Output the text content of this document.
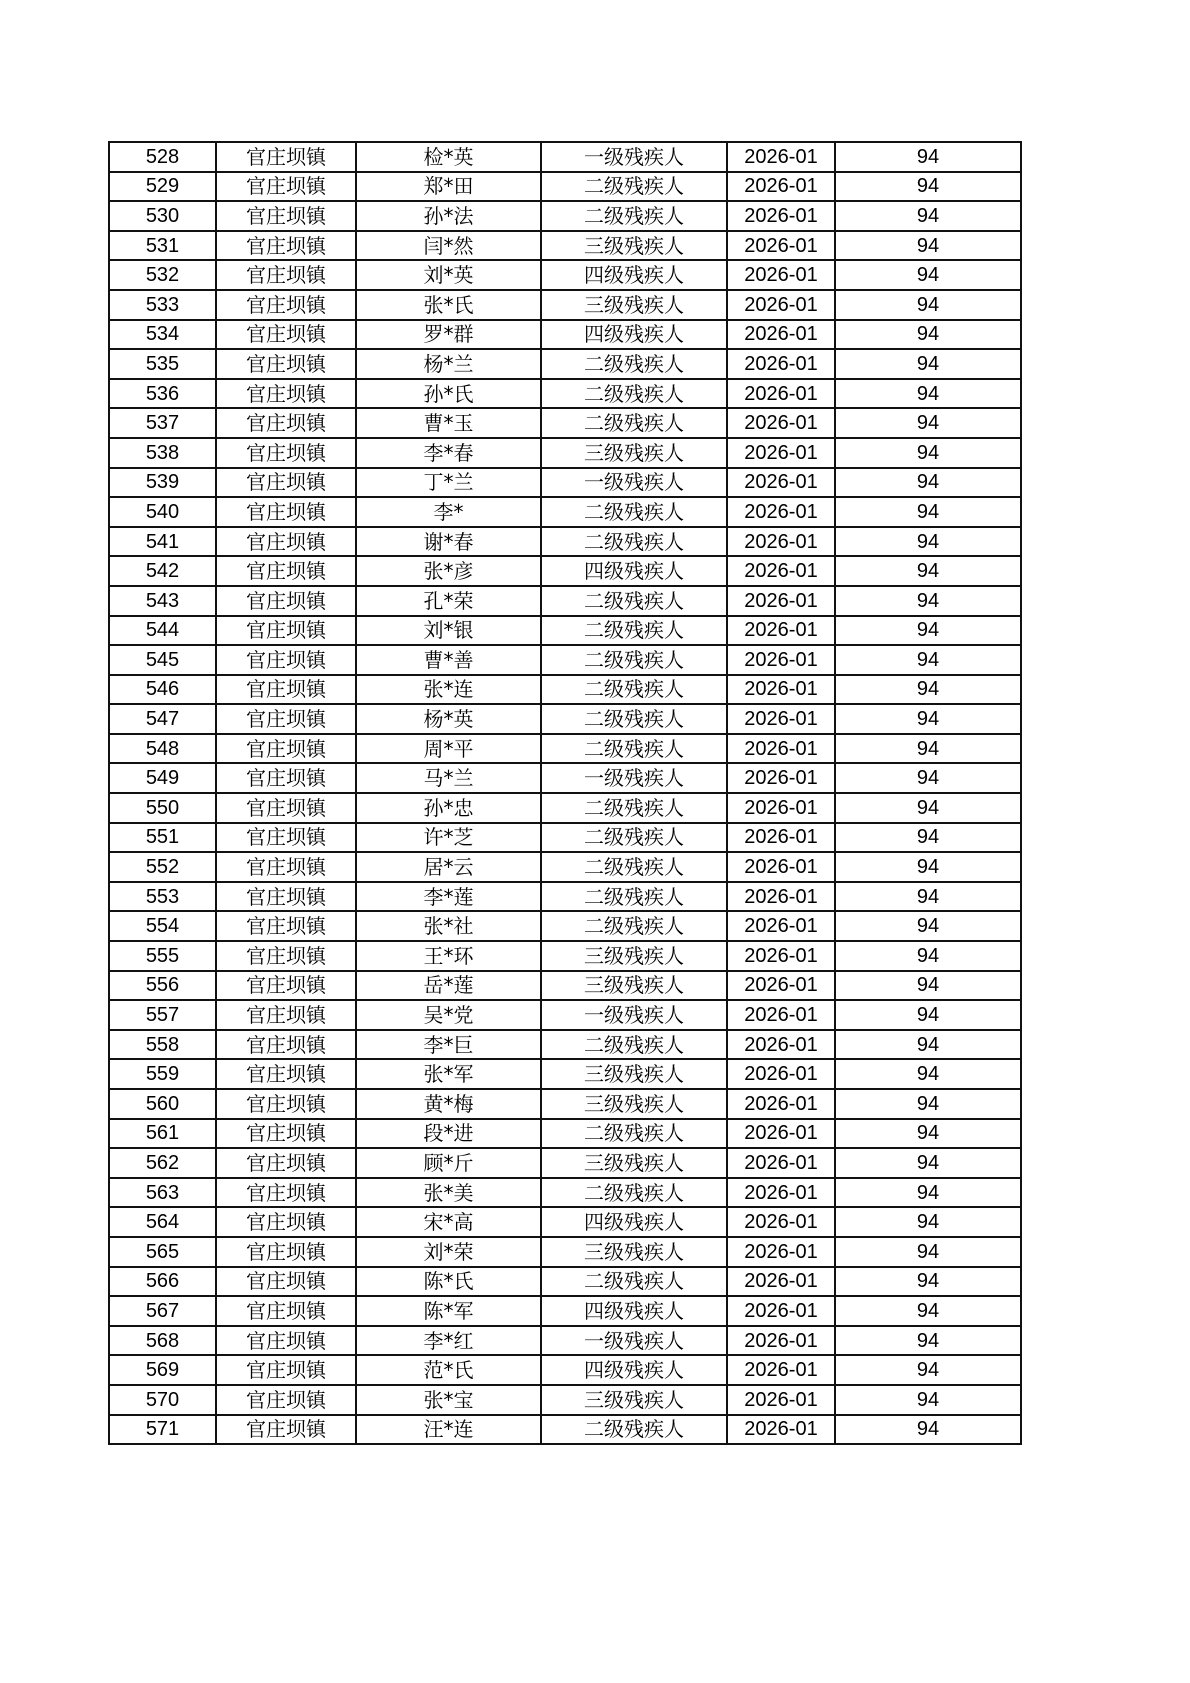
528	官庄坝镇	检*英	一级残疾人	2026-01	94
529	官庄坝镇	郑*田	二级残疾人	2026-01	94
530	官庄坝镇	孙*法	二级残疾人	2026-01	94
531	官庄坝镇	闫*然	三级残疾人	2026-01	94
532	官庄坝镇	刘*英	四级残疾人	2026-01	94
533	官庄坝镇	张*氏	三级残疾人	2026-01	94
534	官庄坝镇	罗*群	四级残疾人	2026-01	94
535	官庄坝镇	杨*兰	二级残疾人	2026-01	94
536	官庄坝镇	孙*氏	二级残疾人	2026-01	94
537	官庄坝镇	曹*玉	二级残疾人	2026-01	94
538	官庄坝镇	李*春	三级残疾人	2026-01	94
539	官庄坝镇	丁*兰	一级残疾人	2026-01	94
540	官庄坝镇	李*	二级残疾人	2026-01	94
541	官庄坝镇	谢*春	二级残疾人	2026-01	94
542	官庄坝镇	张*彦	四级残疾人	2026-01	94
543	官庄坝镇	孔*荣	二级残疾人	2026-01	94
544	官庄坝镇	刘*银	二级残疾人	2026-01	94
545	官庄坝镇	曹*善	二级残疾人	2026-01	94
546	官庄坝镇	张*连	二级残疾人	2026-01	94
547	官庄坝镇	杨*英	二级残疾人	2026-01	94
548	官庄坝镇	周*平	二级残疾人	2026-01	94
549	官庄坝镇	马*兰	一级残疾人	2026-01	94
550	官庄坝镇	孙*忠	二级残疾人	2026-01	94
551	官庄坝镇	许*芝	二级残疾人	2026-01	94
552	官庄坝镇	居*云	二级残疾人	2026-01	94
553	官庄坝镇	李*莲	二级残疾人	2026-01	94
554	官庄坝镇	张*社	二级残疾人	2026-01	94
555	官庄坝镇	王*环	三级残疾人	2026-01	94
556	官庄坝镇	岳*莲	三级残疾人	2026-01	94
557	官庄坝镇	吴*党	一级残疾人	2026-01	94
558	官庄坝镇	李*巨	二级残疾人	2026-01	94
559	官庄坝镇	张*军	三级残疾人	2026-01	94
560	官庄坝镇	黄*梅	三级残疾人	2026-01	94
561	官庄坝镇	段*进	二级残疾人	2026-01	94
562	官庄坝镇	顾*斤	三级残疾人	2026-01	94
563	官庄坝镇	张*美	二级残疾人	2026-01	94
564	官庄坝镇	宋*高	四级残疾人	2026-01	94
565	官庄坝镇	刘*荣	三级残疾人	2026-01	94
566	官庄坝镇	陈*氏	二级残疾人	2026-01	94
567	官庄坝镇	陈*军	四级残疾人	2026-01	94
568	官庄坝镇	李*红	一级残疾人	2026-01	94
569	官庄坝镇	范*氏	四级残疾人	2026-01	94
570	官庄坝镇	张*宝	三级残疾人	2026-01	94
571	官庄坝镇	汪*连	二级残疾人	2026-01	94
